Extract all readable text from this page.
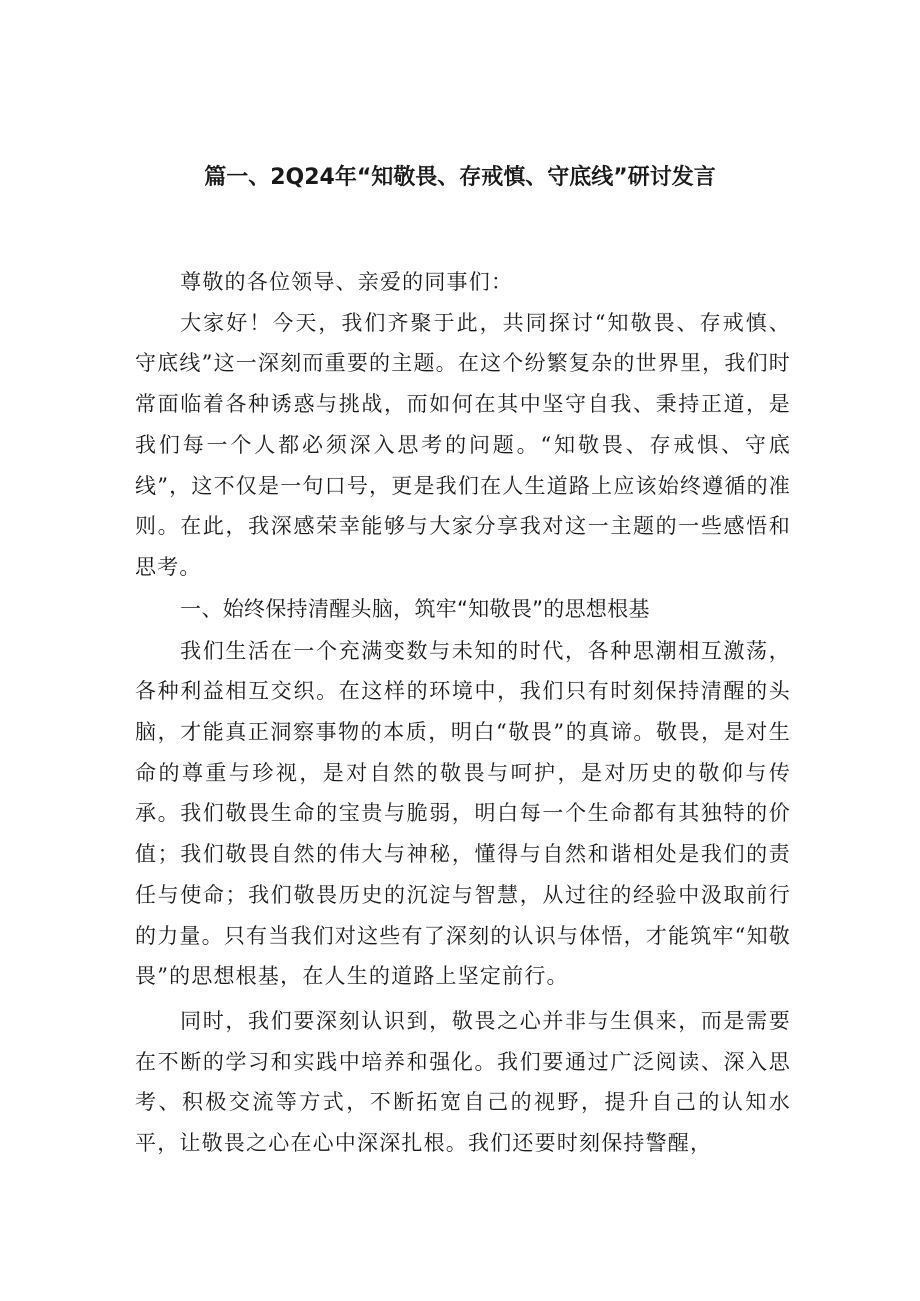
篇一、2Q24年“知敬畏、存戒慎、守底线”研讨发言

尊敬的各位领导、亲爱的同事们：

大家好！今天，我们齐聚于此，共同探讨“知敬畏、存戒慎、守底线”这一深刻而重要的主题。在这个纷繁复杂的世界里，我们时常面临着各种诱惑与挑战，而如何在其中坚守自我、秉持正道，是我们每一个人都必须深入思考的问题。“知敬畏、存戒惧、守底线”，这不仅是一句口号，更是我们在人生道路上应该始终遵循的准则。在此，我深感荣幸能够与大家分享我对这一主题的一些感悟和思考。

一、始终保持清醒头脑，筑牢“知敬畏”的思想根基

我们生活在一个充满变数与未知的时代，各种思潮相互激荡，各种利益相互交织。在这样的环境中，我们只有时刻保持清醒的头脑，才能真正洞察事物的本质，明白“敬畏”的真谛。敬畏，是对生命的尊重与珍视，是对自然的敬畏与呵护，是对历史的敬仰与传承。我们敬畏生命的宝贵与脆弱，明白每一个生命都有其独特的价值；我们敬畏自然的伟大与神秘，懂得与自然和谐相处是我们的责任与使命；我们敬畏历史的沉淀与智慧，从过往的经验中汲取前行的力量。只有当我们对这些有了深刻的认识与体悟，才能筑牢“知敬畏”的思想根基，在人生的道路上坚定前行。

同时，我们要深刻认识到，敬畏之心并非与生俱来，而是需要在不断的学习和实践中培养和强化。我们要通过广泛阅读、深入思考、积极交流等方式，不断拓宽自己的视野，提升自己的认知水平，让敬畏之心在心中深深扎根。我们还要时刻保持警醒，
